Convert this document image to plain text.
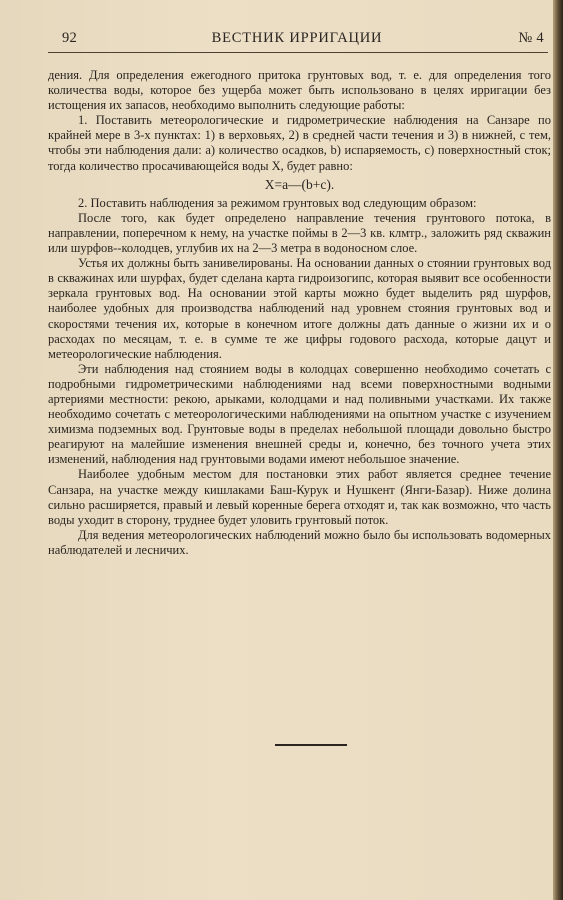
92	ВЕСТНИК ИРРИГАЦИИ	№ 4

дения. Для определения ежегодного притока грунтовых вод, т. е. для определения того количества воды, которое без ущерба может быть использовано в целях ирригации без истощения их запасов, необходимо выполнить следующие работы:

1. Поставить метеорологические и гидрометрические наблюдения на Санзаре по крайней мере в 3-х пунктах: 1) в верховьях, 2) в средней части течения и 3) в нижней, с тем, чтобы эти наблюдения дали: а) количество осадков, b) испаряемость, с) поверхностный сток; тогда количество просачивающейся воды X, будет равно:

X=a—(b+c).

2. Поставить наблюдения за режимом грунтовых вод следующим образом:

После того, как будет определено направление течения грунтового потока, в направлении, поперечном к нему, на участке поймы в 2—3 кв. клмтр., заложить ряд скважин или шурфов--колодцев, углубив их на 2—3 метра в водоносном слое.

Устья их должны быть занивелированы. На основании данных о стоянии грунтовых вод в скважинах или шурфах, будет сделана карта гидроизогипс, которая выявит все особенности зеркала грунтовых вод. На основании этой карты можно будет выделить ряд шурфов, наиболее удобных для производства наблюдений над уровнем стояния грунтовых вод и скоростями течения их, которые в конечном итоге должны дать данные о жизни их и о расходах по месяцам, т. е. в сумме те же цифры годового расхода, которые дацут и метеорологические наблюдения.

Эти наблюдения над стоянием воды в колодцах совершенно необходимо сочетать с подробными гидрометрическими наблюдениями над всеми поверхностными водными артериями местности: рекою, арыками, колодцами и над поливными участками. Их также необходимо сочетать с метеорологическими наблюдениями на опытном участке с изучением химизма подземных вод. Грунтовые воды в пределах небольшой площади довольно быстро реагируют на малейшие изменения внешней среды и, конечно, без точного учета этих изменений, наблюдения над грунтовыми водами имеют небольшое значение.

Наиболее удобным местом для постановки этих работ является среднее течение Санзара, на участке между кишлаками Баш-Курук и Нушкент (Янги-Базар). Ниже долина сильно расширяется, правый и левый коренные берега отходят и, так как возможно, что часть воды уходит в сторону, труднее будет уловить грунтовый поток.

Для ведения метеорологических наблюдений можно было бы использовать водомерных наблюдателей и лесничих.
